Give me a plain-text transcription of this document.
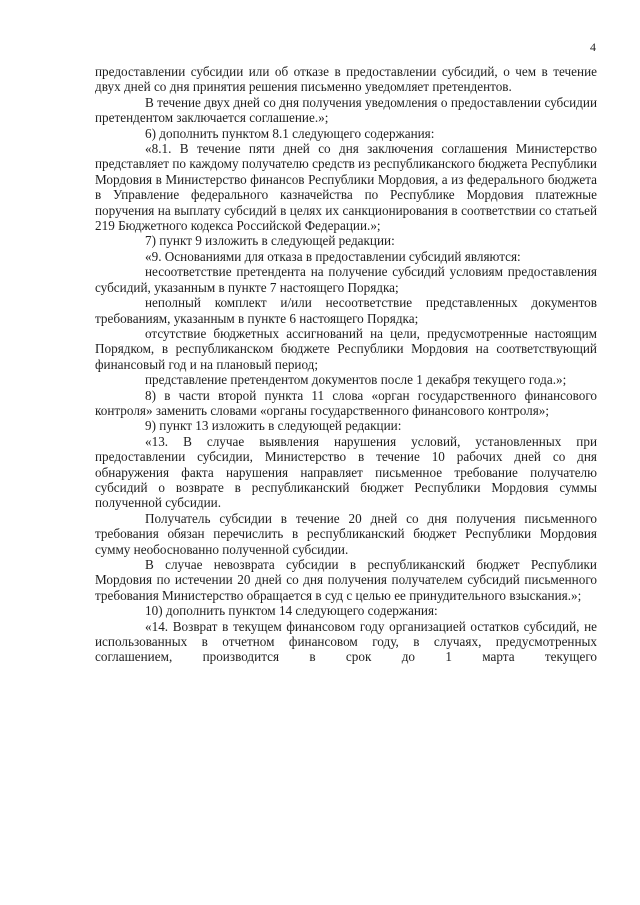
4

предоставлении субсидии или об отказе в предоставлении субсидий, о чем в течение двух дней со дня принятия решения письменно уведомляет претендентов.

В течение двух дней со дня получения уведомления о предоставлении субсидии претендентом заключается соглашение.»;

6) дополнить пунктом 8.1 следующего содержания:

«8.1. В течение пяти дней со дня заключения соглашения Министерство представляет по каждому получателю средств из республиканского бюджета Республики Мордовия в Министерство финансов Республики Мордовия, а из федерального бюджета в Управление федерального казначейства по Республике Мордовия платежные поручения на выплату субсидий в целях их санкционирования в соответствии со статьей 219 Бюджетного кодекса Российской Федерации.»;

7) пункт 9 изложить в следующей редакции:

«9. Основаниями для отказа в предоставлении субсидий являются:

несоответствие претендента на получение субсидий условиям предоставления субсидий, указанным в пункте 7 настоящего Порядка;

неполный комплект и/или несоответствие представленных документов требованиям, указанным в пункте 6 настоящего Порядка;

отсутствие бюджетных ассигнований на цели, предусмотренные настоящим Порядком, в республиканском бюджете Республики Мордовия на соответствующий финансовый год и на плановый период;

представление претендентом документов после 1 декабря текущего года.»;

8) в части второй пункта 11 слова «орган государственного финансового контроля» заменить словами «органы государственного финансового контроля»;

9) пункт 13 изложить в следующей редакции:

«13. В случае выявления нарушения условий, установленных при предоставлении субсидии, Министерство в течение 10 рабочих дней со дня обнаружения факта нарушения направляет письменное требование получателю субсидий о возврате в республиканский бюджет Республики Мордовия суммы полученной субсидии.

Получатель субсидии в течение 20 дней со дня получения письменного требования обязан перечислить в республиканский бюджет Республики Мордовия сумму необоснованно полученной субсидии.

В случае невозврата субсидии в республиканский бюджет Республики Мордовия по истечении 20 дней со дня получения получателем субсидий письменного требования Министерство обращается в суд с целью ее принудительного взыскания.»;

10) дополнить пунктом 14 следующего содержания:

«14. Возврат в текущем финансовом году организацией остатков субсидий, не использованных в отчетном финансовом году, в случаях, предусмотренных соглашением, производится в срок до 1 марта текущего
